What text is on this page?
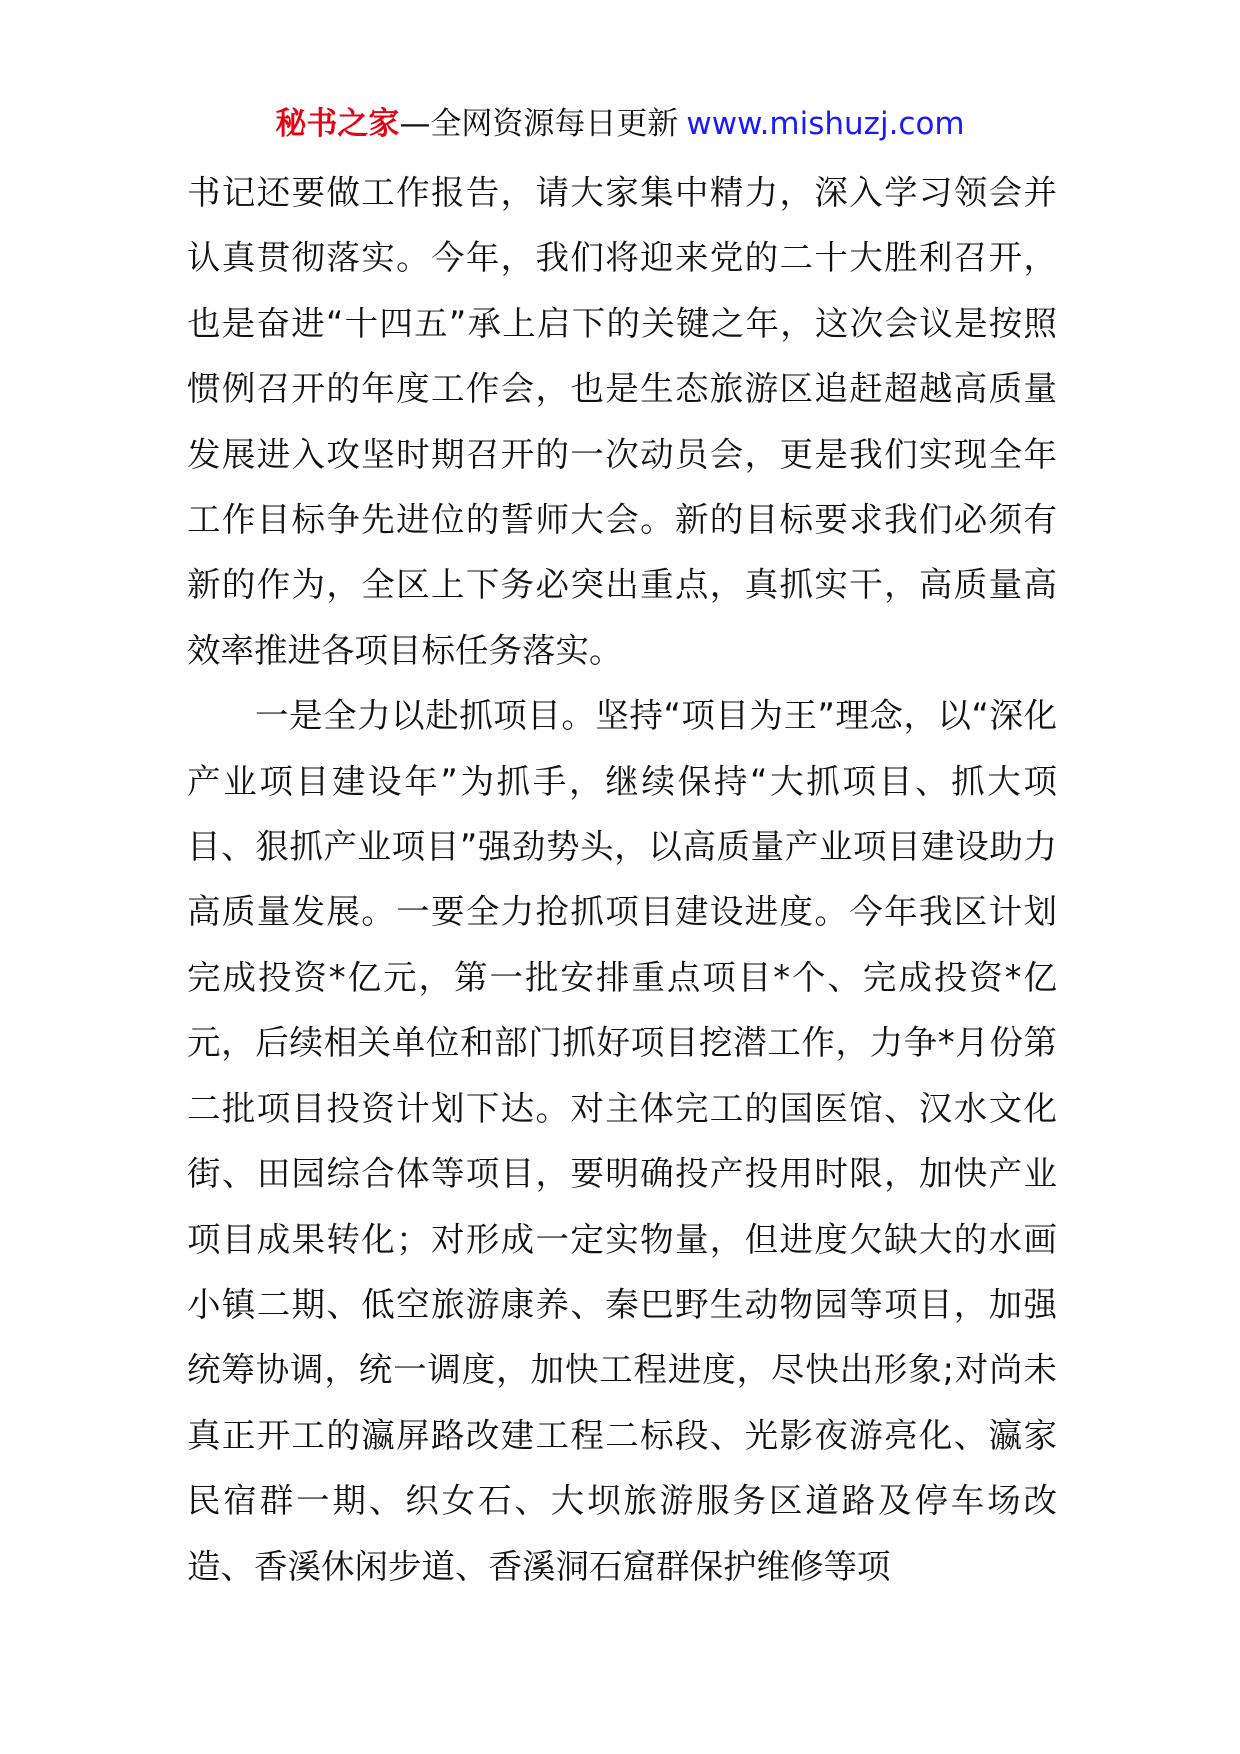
秘书之家—全网资源每日更新 www.mishuzj.com

书记还要做工作报告，请大家集中精力，深入学习领会并认真贯彻落实。今年，我们将迎来党的二十大胜利召开，也是奋进“十四五”承上启下的关键之年，这次会议是按照惯例召开的年度工作会，也是生态旅游区追赶超越高质量发展进入攻坚时期召开的一次动员会，更是我们实现全年工作目标争先进位的誓师大会。新的目标要求我们必须有新的作为，全区上下务必突出重点，真抓实干，高质量高效率推进各项目标任务落实。

一是全力以赴抓项目。坚持“项目为王”理念，以“深化产业项目建设年”为抓手，继续保持“大抓项目、抓大项目、狠抓产业项目”强劲势头，以高质量产业项目建设助力高质量发展。一要全力抢抓项目建设进度。今年我区计划完成投资*亿元，第一批安排重点项目*个、完成投资*亿元，后续相关单位和部门抓好项目挖潜工作，力争*月份第二批项目投资计划下达。对主体完工的国医馆、汉水文化街、田园综合体等项目，要明确投产投用时限，加快产业项目成果转化；对形成一定实物量，但进度欠缺大的水画小镇二期、低空旅游康养、秦巴野生动物园等项目，加强统筹协调，统一调度，加快工程进度，尽快出形象;对尚未真正开工的瀛屏路改建工程二标段、光影夜游亮化、瀛家民宿群一期、织女石、大坝旅游服务区道路及停车场改造、香溪休闲步道、香溪洞石窟群保护维修等项
